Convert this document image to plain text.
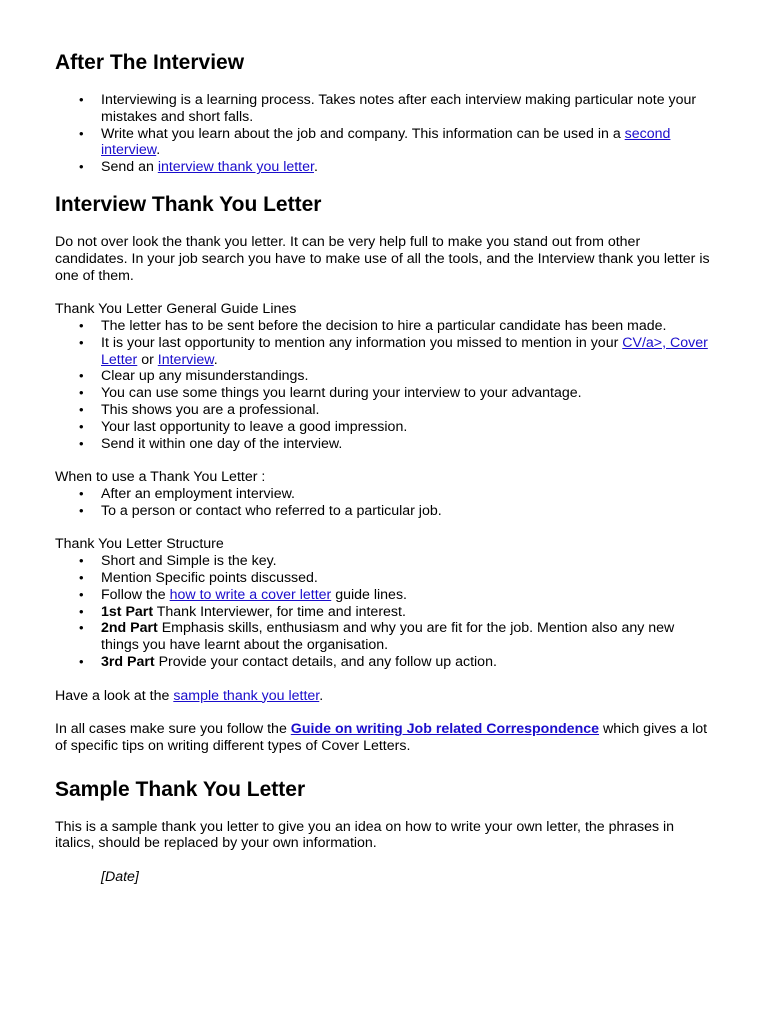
After The Interview
• Interviewing is a learning process. Takes notes after each interview making particular note your mistakes and short falls.
• Write what you learn about the job and company. This information can be used in a second interview.
• Send an interview thank you letter.
Interview Thank You Letter

Do not over look the thank you letter. It can be very help full to make you stand out from other candidates. In your job search you have to make use of all the tools, and the Interview thank you letter is one of them.

Thank You Letter General Guide Lines
• The letter has to be sent before the decision to hire a particular candidate has been made.
• It is your last opportunity to mention any information you missed to mention in your CV/a>, Cover Letter or Interview.
• Clear up any misunderstandings.
• You can use some things you learnt during your interview to your advantage.
• This shows you are a professional.
• Your last opportunity to leave a good impression.
• Send it within one day of the interview.
When to use a Thank You Letter :
• After an employment interview.
• To a person or contact who referred to a particular job.
Thank You Letter Structure
• Short and Simple is the key.
• Mention Specific points discussed.
• Follow the how to write a cover letter guide lines.
• 1st Part Thank Interviewer, for time and interest.
• 2nd Part Emphasis skills, enthusiasm and why you are fit for the job. Mention also any new things you have learnt about the organisation.
• 3rd Part Provide your contact details, and any follow up action.

Have a look at the sample thank you letter.

In all cases make sure you follow the Guide on writing Job related Correspondence which gives a lot of specific tips on writing different types of Cover Letters.

Sample Thank You Letter

This is a sample thank you letter to give you an idea on how to write your own letter, the phrases in italics, should be replaced by your own information.

[Date]
